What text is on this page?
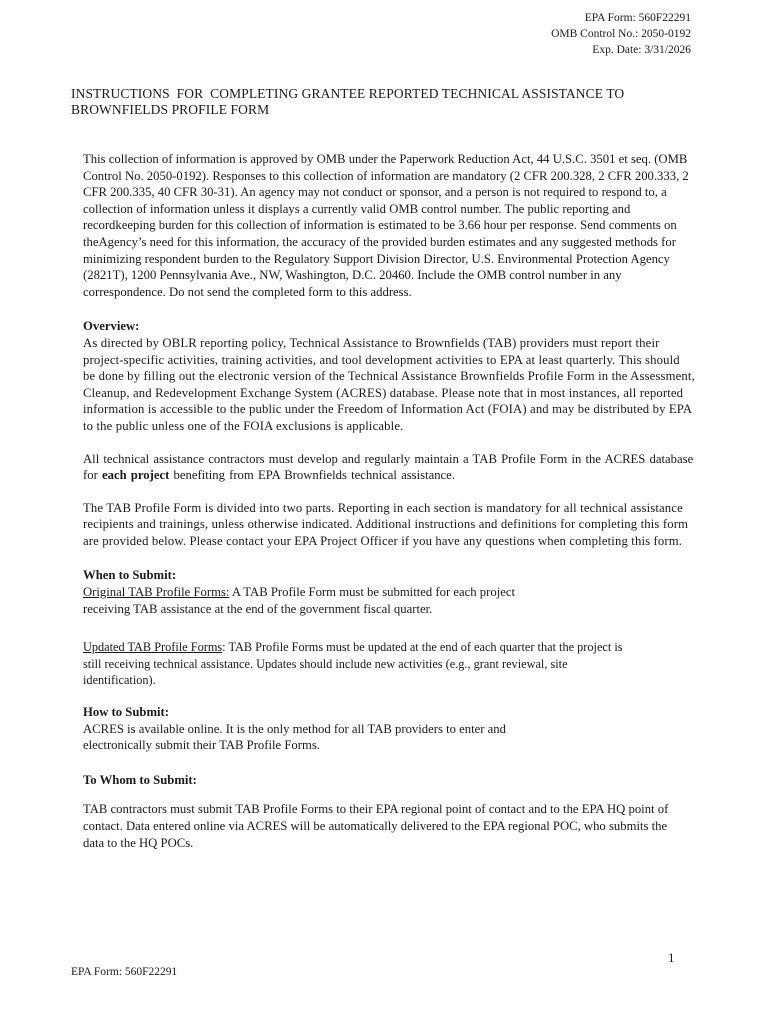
EPA Form: 560F22291
OMB Control No.: 2050-0192
Exp. Date: 3/31/2026
INSTRUCTIONS  FOR  COMPLETING GRANTEE REPORTED TECHNICAL ASSISTANCE TO BROWNFIELDS PROFILE FORM

This collection of information is approved by OMB under the Paperwork Reduction Act, 44 U.S.C. 3501 et seq. (OMB Control No. 2050-0192). Responses to this collection of information are mandatory (2 CFR 200.328, 2 CFR 200.333, 2 CFR 200.335, 40 CFR 30-31). An agency may not conduct or sponsor, and a person is not required to respond to, a collection of information unless it displays a currently valid OMB control number. The public reporting and recordkeeping burden for this collection of information is estimated to be 3.66 hour per response. Send comments on theAgency’s need for this information, the accuracy of the provided burden estimates and any suggested methods for minimizing respondent burden to the Regulatory Support Division Director, U.S. Environmental Protection Agency (2821T), 1200 Pennsylvania Ave., NW, Washington, D.C. 20460. Include the OMB control number in any correspondence. Do not send the completed form to this address.

Overview:

As directed by OBLR reporting policy, Technical Assistance to Brownfields (TAB) providers must report their project-specific activities, training activities, and tool development activities to EPA at least quarterly. This should be done by filling out the electronic version of the Technical Assistance Brownfields Profile Form in the Assessment, Cleanup, and Redevelopment Exchange System (ACRES) database. Please note that in most instances, all reported information is accessible to the public under the Freedom of Information Act (FOIA) and may be distributed by EPA to the public unless one of the FOIA exclusions is applicable.

All technical assistance contractors must develop and regularly maintain a TAB Profile Form in the ACRES database for each project benefiting from EPA Brownfields technical assistance.

The TAB Profile Form is divided into two parts. Reporting in each section is mandatory for all technical assistance recipients and trainings, unless otherwise indicated. Additional instructions and definitions for completing this form are provided below. Please contact your EPA Project Officer if you have any questions when completing this form.

When to Submit:

Original TAB Profile Forms: A TAB Profile Form must be submitted for each project receiving TAB assistance at the end of the government fiscal quarter.

Updated TAB Profile Forms: TAB Profile Forms must be updated at the end of each quarter that the project is still receiving technical assistance. Updates should include new activities (e.g., grant reviewal, site identification).

How to Submit:

ACRES is available online. It is the only method for all TAB providers to enter and electronically submit their TAB Profile Forms.

To Whom to Submit:

TAB contractors must submit TAB Profile Forms to their EPA regional point of contact and to the EPA HQ point of contact. Data entered online via ACRES will be automatically delivered to the EPA regional POC, who submits the data to the HQ POCs.

1
EPA Form: 560F22291
